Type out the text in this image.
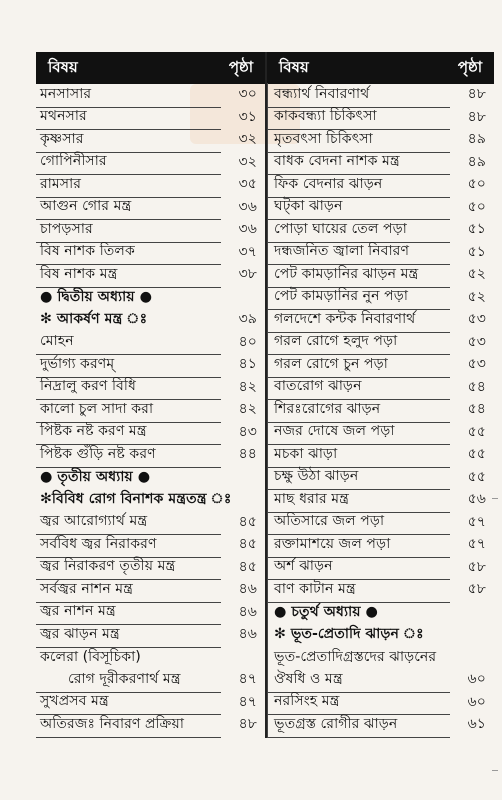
বিষয়	পৃষ্ঠা
মনসাসার	৩০
মথনসার	৩১
কৃষ্ণসার	৩২
গোপিনীসার	৩২
রামসার	৩৫
আগুন গোর মন্ত্র	৩৬
চাপড়সার	৩৬
বিষ নাশক তিলক	৩৭
বিষ নাশক মন্ত্র	৩৮
● দ্বিতীয় অধ্যায় ●
✻ আকর্ষণ মন্ত্র ঃ	৩৯
মোহন	৪০
দুর্ভাগ্য করণম্	৪১
নিদ্রালু করণ বিধি	৪২
কালো চুল সাদা করা	৪২
পিষ্টক নষ্ট করণ মন্ত্র	৪৩
পিষ্টক গুঁড়ি নষ্ট করণ	৪৪
● তৃতীয় অধ্যায় ●
✻বিবিধ রোগ বিনাশক মন্ত্রতন্ত্র ঃ
জ্বর আরোগ্যার্থ মন্ত্র	৪৫
সর্ববিধ জ্বর নিরাকরণ	৪৫
জ্বর নিরাকরণ তৃতীয় মন্ত্র	৪৫
সর্বজ্বর নাশন মন্ত্র	৪৬
জ্বর নাশন মন্ত্র	৪৬
জ্বর ঝাড়ন মন্ত্র	৪৬
কলেরা (বিসূচিকা)
রোগ দূরীকরণার্থ মন্ত্র	৪৭
সুখপ্রসব মন্ত্র	৪৭
অতিরজঃ নিবারণ প্রক্রিয়া	৪৮
বিষয়	পৃষ্ঠা
বন্ধ্যার্থ নিবারণার্থ	৪৮
কাকবন্ধ্যা চিকিৎসা	৪৮
মৃতবৎসা চিকিৎসা	৪৯
বাধক বেদনা নাশক মন্ত্র	৪৯
ফিক বেদনার ঝাড়ন	৫০
ঘট্কা ঝাড়ন	৫০
পোড়া ঘায়ের তেল পড়া	৫১
দন্ধজনিত জ্বালা নিবারণ	৫১
পেট কামড়ানির ঝাড়ন মন্ত্র	৫২
পেট কামড়ানির নুন পড়া	৫২
গলদেশে কন্টক নিবারণার্থ	৫৩
গরল রোগে হলুদ পড়া	৫৩
গরল রোগে চুন পড়া	৫৩
বাতরোগ ঝাড়ন	৫৪
শিরঃরোগের ঝাড়ন	৫৪
নজর দোষে জল পড়া	৫৫
মচকা ঝাড়া	৫৫
চক্ষু উঠা ঝাড়ন	৫৫
মাছ ধরার মন্ত্র	৫৬
অতিসারে জল পড়া	৫৭
রক্তামাশয়ে জল পড়া	৫৭
অর্শ ঝাড়ন	৫৮
বাণ কাটান মন্ত্র	৫৮
● চতুর্থ অধ্যায় ●
✻ ভূত-প্রেতাদি ঝাড়ন ঃ
ভূত-প্রেতাদিগ্রস্তদের ঝাড়নের
ঔষধি ও মন্ত্র	৬০
নরসিংহ মন্ত্র	৬০
ভূতগ্রস্ত রোগীর ঝাড়ন	৬১
